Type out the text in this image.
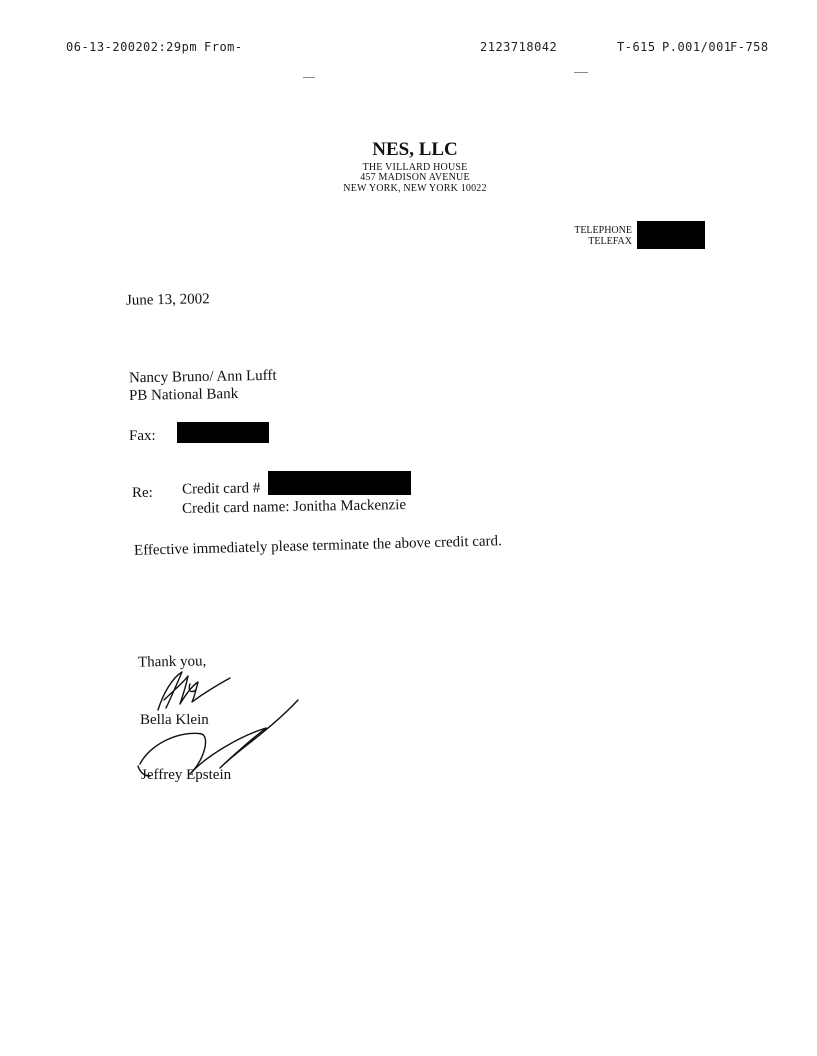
06-13-2002 02:29pm From-	2123718042	T-615 P.001/001
F-758
NES, LLC
THE VILLARD HOUSE
457 MADISON AVENUE
NEW YORK, NEW YORK 10022
TELEPHONE
TELEFAX
June 13, 2002
Nancy Bruno/ Ann Lufft
PB National Bank
Fax:
Re: Credit card #
Credit card name: Jonitha Mackenzie
Effective immediately please terminate the above credit card.
Thank you,
Bella Klein
Jeffrey Epstein
